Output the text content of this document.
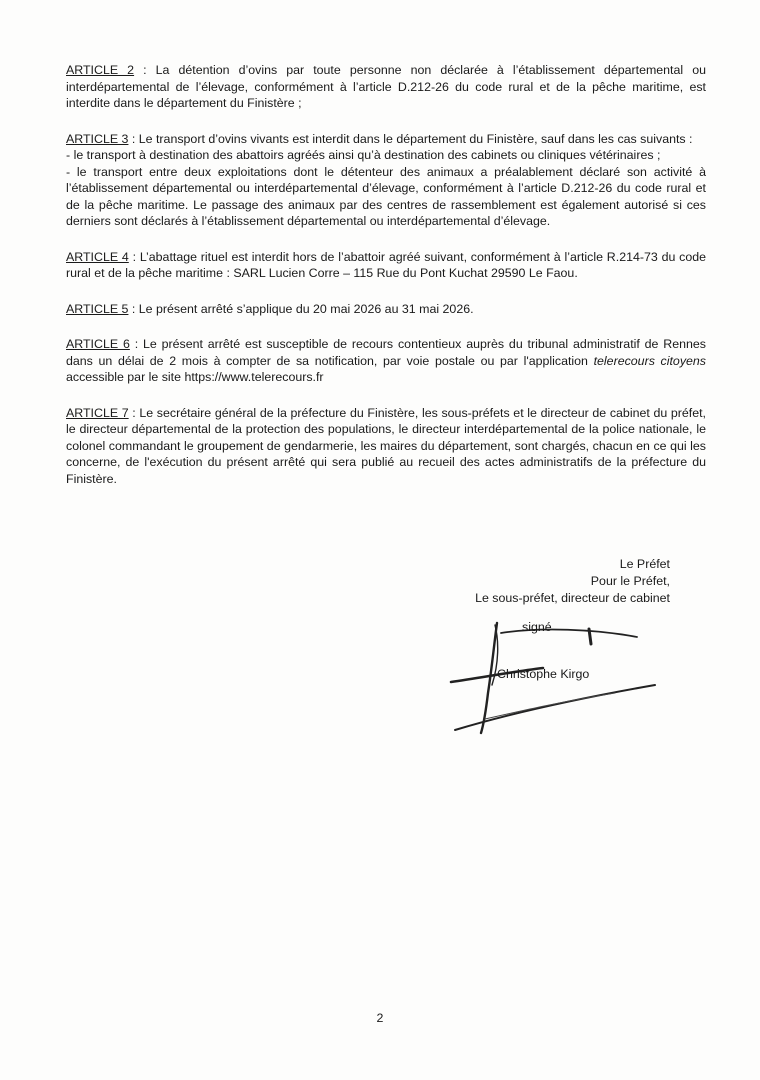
ARTICLE 2 : La détention d’ovins par toute personne non déclarée à l’établissement départemental ou interdépartemental de l’élevage, conformément à l’article D.212-26 du code rural et de la pêche maritime, est interdite dans le département du Finistère ;

ARTICLE 3 : Le transport d’ovins vivants est interdit dans le département du Finistère, sauf dans les cas suivants :

- le transport à destination des abattoirs agréés ainsi qu’à destination des cabinets ou cliniques vétérinaires ;

- le transport entre deux exploitations dont le détenteur des animaux a préalablement déclaré son activité à l’établissement départemental ou interdépartemental d’élevage, conformément à l’article D.212-26 du code rural et de la pêche maritime. Le passage des animaux par des centres de rassemblement est également autorisé si ces derniers sont déclarés à l’établissement départemental ou interdépartemental d’élevage.

ARTICLE 4 : L’abattage rituel est interdit hors de l’abattoir agréé suivant, conformément à l’article R.214-73 du code rural et de la pêche maritime : SARL Lucien Corre – 115 Rue du Pont Kuchat 29590 Le Faou.

ARTICLE 5 : Le présent arrêté s’applique du 20 mai 2026 au 31 mai 2026.

ARTICLE 6 : Le présent arrêté est susceptible de recours contentieux auprès du tribunal administratif de Rennes dans un délai de 2 mois à compter de sa notification, par voie postale ou par l'application telerecours citoyens accessible par le site https://www.telerecours.fr

ARTICLE 7 : Le secrétaire général de la préfecture du Finistère, les sous-préfets et le directeur de cabinet du préfet, le directeur départemental de la protection des populations, le directeur interdépartemental de la police nationale, le colonel commandant le groupement de gendarmerie, les maires du département, sont chargés, chacun en ce qui les concerne, de l'exécution du présent arrêté qui sera publié au recueil des actes administratifs de la préfecture du Finistère.

Le Préfet
Pour le Préfet,
Le sous-préfet, directeur de cabinet
signé
Christophe Kirgo
2
